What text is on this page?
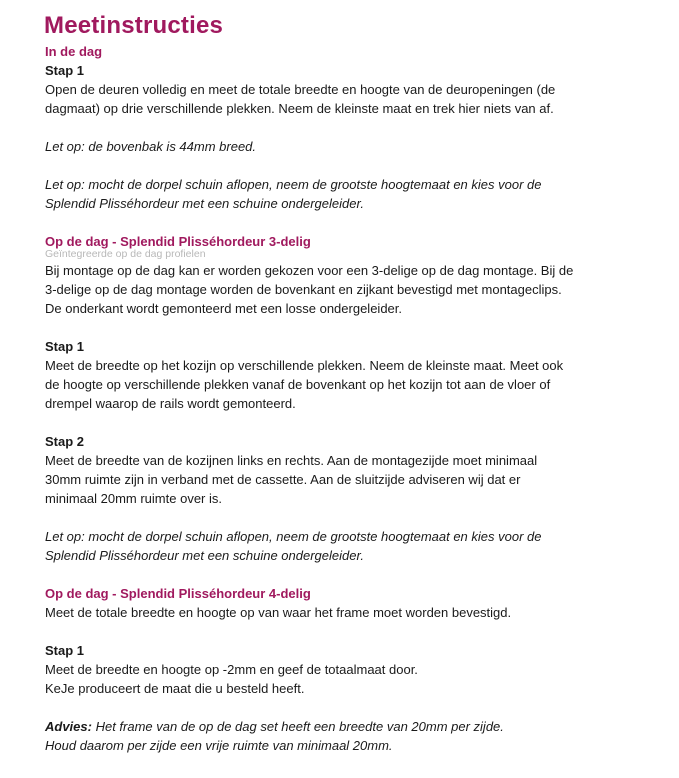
Meetinstructies
In de dag
Stap 1

Open de deuren volledig en meet de totale breedte en hoogte van de deuropeningen (de

dagmaat) op drie verschillende plekken. Neem de kleinste maat en trek hier niets van af.

Let op: de bovenbak is 44mm breed.

Let op: mocht de dorpel schuin aflopen, neem de grootste hoogtemaat en kies voor de

Splendid Plisséhordeur met een schuine ondergeleider.

Op de dag - Splendid Plisséhordeur 3-delig
Geïntegreerde op de dag profielen

Bij montage op de dag kan er worden gekozen voor een 3-delige op de dag montage. Bij de

3-delige op de dag montage worden de bovenkant en zijkant bevestigd met montageclips.

De onderkant wordt gemonteerd met een losse ondergeleider.

Stap 1

Meet de breedte op het kozijn op verschillende plekken. Neem de kleinste maat. Meet ook

de hoogte op verschillende plekken vanaf de bovenkant op het kozijn tot aan de vloer of

drempel waarop de rails wordt gemonteerd.

Stap 2

Meet de breedte van de kozijnen links en rechts. Aan de montagezijde moet minimaal

30mm ruimte zijn in verband met de cassette. Aan de sluitzijde adviseren wij dat er

minimaal 20mm ruimte over is.

Let op: mocht de dorpel schuin aflopen, neem de grootste hoogtemaat en kies voor de

Splendid Plisséhordeur met een schuine ondergeleider.

Op de dag - Splendid Plisséhordeur 4-delig

Meet de totale breedte en hoogte op van waar het frame moet worden bevestigd.

Stap 1

Meet de breedte en hoogte op -2mm en geef de totaalmaat door.

KeJe produceert de maat die u besteld heeft.

Advies: Het frame van de op de dag set heeft een breedte van 20mm per zijde.

Houd daarom per zijde een vrije ruimte van minimaal 20mm.
